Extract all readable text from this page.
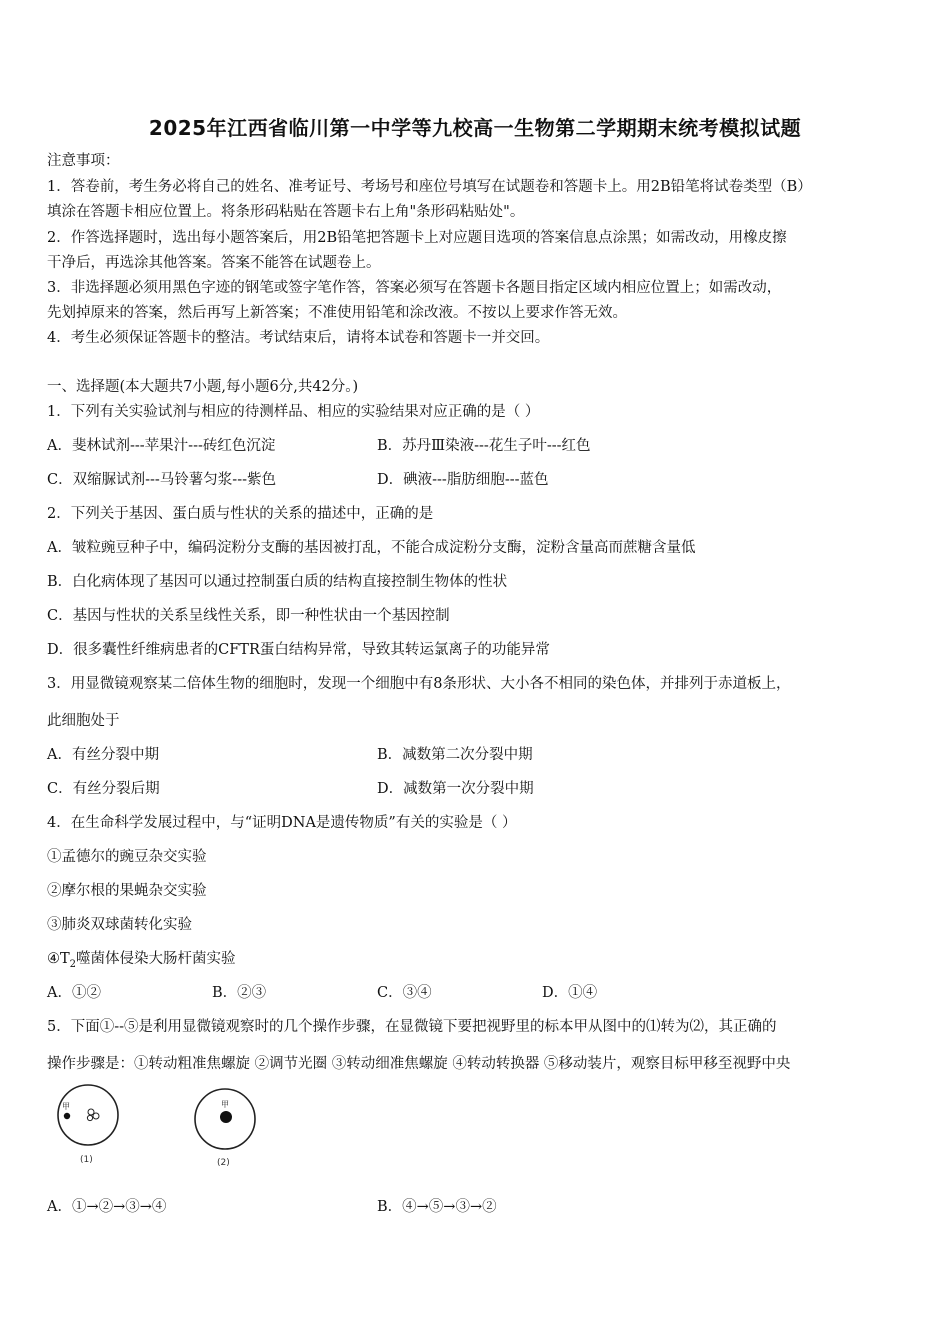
2025年江西省临川第一中学等九校高一生物第二学期期末统考模拟试题
注意事项：
1．答卷前，考生务必将自己的姓名、准考证号、考场号和座位号填写在试题卷和答题卡上。用2B铅笔将试卷类型（B）
填涂在答题卡相应位置上。将条形码粘贴在答题卡右上角"条形码粘贴处"。
2．作答选择题时，选出每小题答案后，用2B铅笔把答题卡上对应题目选项的答案信息点涂黑；如需改动，用橡皮擦
干净后，再选涂其他答案。答案不能答在试题卷上。
3．非选择题必须用黑色字迹的钢笔或签字笔作答，答案必须写在答题卡各题目指定区域内相应位置上；如需改动，
先划掉原来的答案，然后再写上新答案；不准使用铅笔和涂改液。不按以上要求作答无效。
4．考生必须保证答题卡的整洁。考试结束后，请将本试卷和答题卡一并交回。
一、选择题(本大题共7小题,每小题6分,共42分。)
1．下列有关实验试剂与相应的待测样品、相应的实验结果对应正确的是（ ）
A．斐林试剂---苹果汁---砖红色沉淀	B．苏丹Ⅲ染液---花生子叶---红色
C．双缩脲试剂---马铃薯匀浆---紫色	D．碘液---脂肪细胞---蓝色
2．下列关于基因、蛋白质与性状的关系的描述中，正确的是
A．皱粒豌豆种子中，编码淀粉分支酶的基因被打乱，不能合成淀粉分支酶，淀粉含量高而蔗糖含量低
B．白化病体现了基因可以通过控制蛋白质的结构直接控制生物体的性状
C．基因与性状的关系呈线性关系，即一种性状由一个基因控制
D．很多囊性纤维病患者的CFTR蛋白结构异常，导致其转运氯离子的功能异常
3．用显微镜观察某二倍体生物的细胞时，发现一个细胞中有8条形状、大小各不相同的染色体，并排列于赤道板上，
此细胞处于
A．有丝分裂中期	B．减数第二次分裂中期
C．有丝分裂后期	D．减数第一次分裂中期
4．在生命科学发展过程中，与“证明DNA是遗传物质”有关的实验是（ ）
①孟德尔的豌豆杂交实验
②摩尔根的果蝇杂交实验
③肺炎双球菌转化实验
$④T_2$噬菌体侵染大肠杆菌实验
A．①②	B．②③	C．③④	D．①④
5．下面①--⑤是利用显微镜观察时的几个操作步骤，在显微镜下要把视野里的标本甲从图中的⑴转为⑵，其正确的
操作步骤是：①转动粗准焦螺旋 ②调节光圈 ③转动细准焦螺旋 ④转动转换器 ⑤移动装片，观察目标甲移至视野中央
甲
(1)
甲
(2)
A．①→②→③→④	B．④→⑤→③→②
